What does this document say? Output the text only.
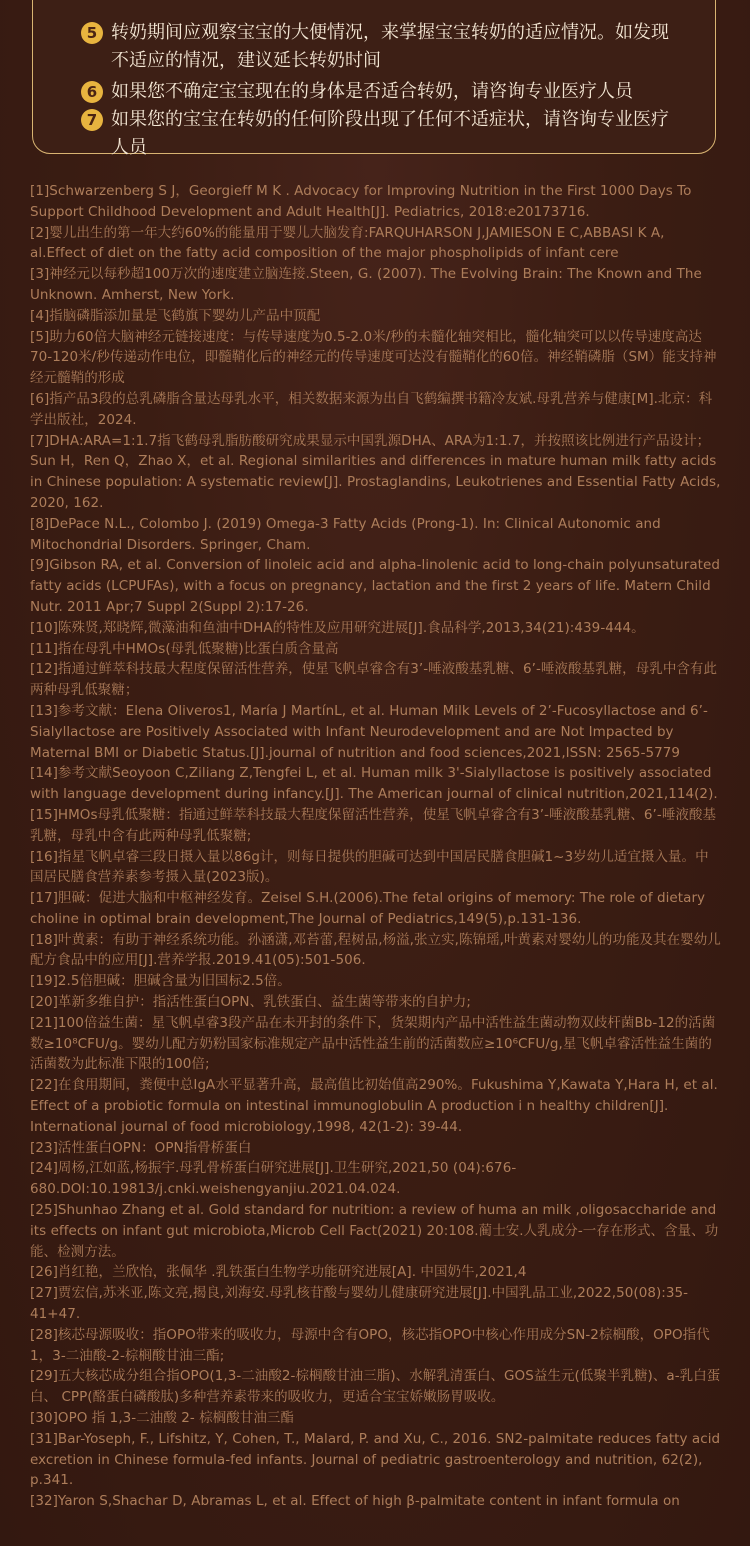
5 转奶期间应观察宝宝的大便情况，来掌握宝宝转奶的适应情况。如发现不适应的情况，建议延长转奶时间
6 如果您不确定宝宝现在的身体是否适合转奶，请咨询专业医疗人员
7 如果您的宝宝在转奶的任何阶段出现了任何不适症状，请咨询专业医疗人员

[1]Schwarzenberg S J，Georgieff M K . Advocacy for Improving Nutrition in the First 1000 Days To Support Childhood Development and Adult Health[J]. Pediatrics, 2018:e20173716.

[2]婴儿出生的第一年大约60%的能量用于婴儿大脑发育:FARQUHARSON J,JAMIESON E C,ABBASI K A, al.Effect of diet on the fatty acid composition of the major phospholipids of infant cere

[3]神经元以每秒超100万次的速度建立脑连接.Steen, G. (2007). The Evolving Brain: The Known and The Unknown. Amherst, New York.

[4]指脑磷脂添加量是飞鹤旗下婴幼儿产品中顶配

[5]助力60倍大脑神经元链接速度：与传导速度为0.5-2.0米/秒的未髓化轴突相比，髓化轴突可以以传导速度高达70-120米/秒传递动作电位，即髓鞘化后的神经元的传导速度可达没有髓鞘化的60倍。神经鞘磷脂（SM）能支持神经元髓鞘的形成

[6]指产品3段的总乳磷脂含量达母乳水平，相关数据来源为出自飞鹤编撰书籍冷友斌.母乳营养与健康[M].北京：科学出版社，2024.

[7]DHA:ARA=1:1.7指飞鹤母乳脂肪酸研究成果显示中国乳源DHA、ARA为1:1.7，并按照该比例进行产品设计；Sun H，Ren Q，Zhao X，et al. Regional similarities and differences in mature human milk fatty acids in Chinese population: A systematic review[J]. Prostaglandins, Leukotrienes and Essential Fatty Acids, 2020, 162.

[8]DePace N.L., Colombo J. (2019) Omega-3 Fatty Acids (Prong-1). In: Clinical Autonomic and Mitochondrial Disorders. Springer, Cham.

[9]Gibson RA, et al. Conversion of linoleic acid and alpha-linolenic acid to long-chain polyunsaturated fatty acids (LCPUFAs), with a focus on pregnancy, lactation and the first 2 years of life. Matern Child Nutr. 2011 Apr;7 Suppl 2(Suppl 2):17-26.

[10]陈殊贤,郑晓辉,微藻油和鱼油中DHA的特性及应用研究进展[J].食品科学,2013,34(21):439-444。

[11]指在母乳中HMOs(母乳低聚糖)比蛋白质含量高

[12]指通过鲜萃科技最大程度保留活性营养，使星飞帆卓睿含有3’-唾液酸基乳糖、6’-唾液酸基乳糖，母乳中含有此两种母乳低聚糖；

[13]参考文献：Elena Oliveros1, María J MartínL, et al. Human Milk Levels of 2’-Fucosyllactose and 6’-Sialyllactose are Positively Associated with Infant Neurodevelopment and are Not Impacted by Maternal BMI or Diabetic Status.[J].journal of nutrition and food sciences,2021,ISSN: 2565-5779

[14]参考文献Seoyoon C,Ziliang Z,Tengfei L, et al. Human milk 3'-Sialyllactose is positively associated with language development during infancy.[J]. The American journal of clinical nutrition,2021,114(2).

[15]HMOs母乳低聚糖：指通过鲜萃科技最大程度保留活性营养，使星飞帆卓睿含有3’-唾液酸基乳糖、6’-唾液酸基乳糖，母乳中含有此两种母乳低聚糖;

[16]指星飞帆卓睿三段日摄入量以86g计，则每日提供的胆碱可达到中国居民膳食胆碱1~3岁幼儿适宜摄入量。中国居民膳食营养素参考摄入量(2023版)。

[17]胆碱：促进大脑和中枢神经发育。Zeisel S.H.(2006).The fetal origins of memory: The role of dietary choline in optimal brain development,The Journal of Pediatrics,149(5),p.131-136.

[18]叶黄素：有助于神经系统功能。孙涵潇,邓苔蕾,程树品,杨溢,张立实,陈锦瑶,叶黄素对婴幼儿的功能及其在婴幼儿配方食品中的应用[J].营养学报.2019.41(05):501-506.

[19]2.5倍胆碱：胆碱含量为旧国标2.5倍。

[20]革新多维自护：指活性蛋白OPN、乳铁蛋白、益生菌等带来的自护力;

[21]100倍益生菌：星飞帆卓睿3段产品在未开封的条件下，货架期内产品中活性益生菌动物双歧杆菌Bb-12的活菌数≥10⁸CFU/g。婴幼儿配方奶粉国家标准规定产品中活性益生前的活菌数应≥10⁶CFU/g,星飞帆卓睿活性益生菌的活菌数为此标准下限的100倍;

[22]在食用期间，粪便中总IgA水平显著升高，最高值比初始值高290%。Fukushima Y,Kawata Y,Hara H, et al. Effect of a probiotic formula on intestinal immunoglobulin A production i n healthy children[J]. International journal of food microbiology,1998, 42(1-2): 39-44.

[23]活性蛋白OPN：OPN指骨桥蛋白

[24]周杨,江如蓝,杨振宇.母乳骨桥蛋白研究进展[J].卫生研究,2021,50 (04):676-680.DOI:10.19813/j.cnki.weishengyanjiu.2021.04.024.

[25]Shunhao Zhang et al. Gold standard for nutrition: a review of huma an milk ,oligosaccharide and its effects on infant gut microbiota,Microb Cell Fact(2021) 20:108.蔺士安.人乳成分-一存在形式、含量、功能、检测方法。

[26]肖红艳，兰欣怡，张佩华 .乳铁蛋白生物学功能研究进展[A]. 中国奶牛,2021,4

[27]贾宏信,苏米亚,陈文亮,揭良,刘海安.母乳核苷酸与婴幼儿健康研究进展[J].中国乳品工业,2022,50(08):35-41+47.

[28]核芯母源吸收：指OPO带来的吸收力，母源中含有OPO，核芯指OPO中核心作用成分SN-2棕榈酸，OPO指代1，3-二油酸-2-棕榈酸甘油三酯;

[29]五大核芯成分组合指OPO(1,3-二油酸2-棕榈酸甘油三脂)、水解乳清蛋白、GOS益生元(低聚半乳糖)、a-乳白蛋白、 CPP(酪蛋白磷酸肽)多种营养素带来的吸收力，更适合宝宝娇嫩肠胃吸收。

[30]OPO 指 1,3-二油酸 2- 棕榈酸甘油三酯

[31]Bar-Yoseph, F., Lifshitz, Y, Cohen, T., Malard, P. and Xu, C., 2016. SN2-palmitate reduces fatty acid excretion in Chinese formula-fed infants. Journal of pediatric gastroenterology and nutrition, 62(2), p.341.

[32]Yaron S,Shachar D, Abramas L, et al. Effect of high β-palmitate content in infant formula on
